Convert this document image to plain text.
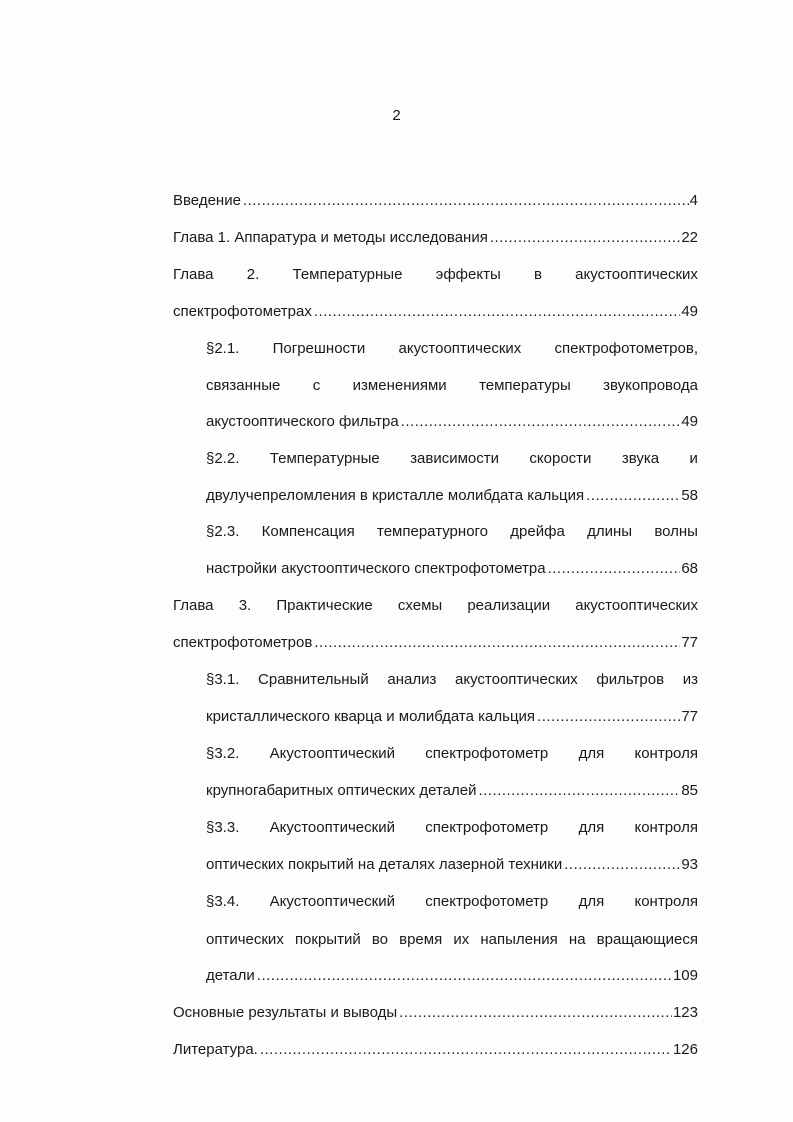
2
Введение .....	4
Глава 1. Аппаратура и методы исследования .....	22
Глава 2. Температурные эффекты в акустооптических
спектрофотометрах .....	49
§2.1. Погрешности акустооптических спектрофотометров,
связанные с изменениями температуры звукопровода
акустооптического фильтра .....	49
§2.2. Температурные зависимости скорости звука и
двулучепреломления в кристалле молибдата кальция .....	58
§2.3. Компенсация температурного дрейфа длины волны
настройки акустооптического спектрофотометра .....	68
Глава 3. Практические схемы реализации акустооптических
спектрофотометров .....	77
§3.1. Сравнительный анализ акустооптических фильтров из
кристаллического кварца и молибдата кальция .....	77
§3.2. Акустооптический спектрофотометр для контроля
крупногабаритных оптических деталей .....	85
§3.3. Акустооптический спектрофотометр для контроля
оптических покрытий на деталях лазерной техники .....	93
§3.4. Акустооптический спектрофотометр для контроля
оптических покрытий во время их напыления на вращающиеся
детали .....	109
Основные результаты и выводы .....	123
Литература. .....	126
